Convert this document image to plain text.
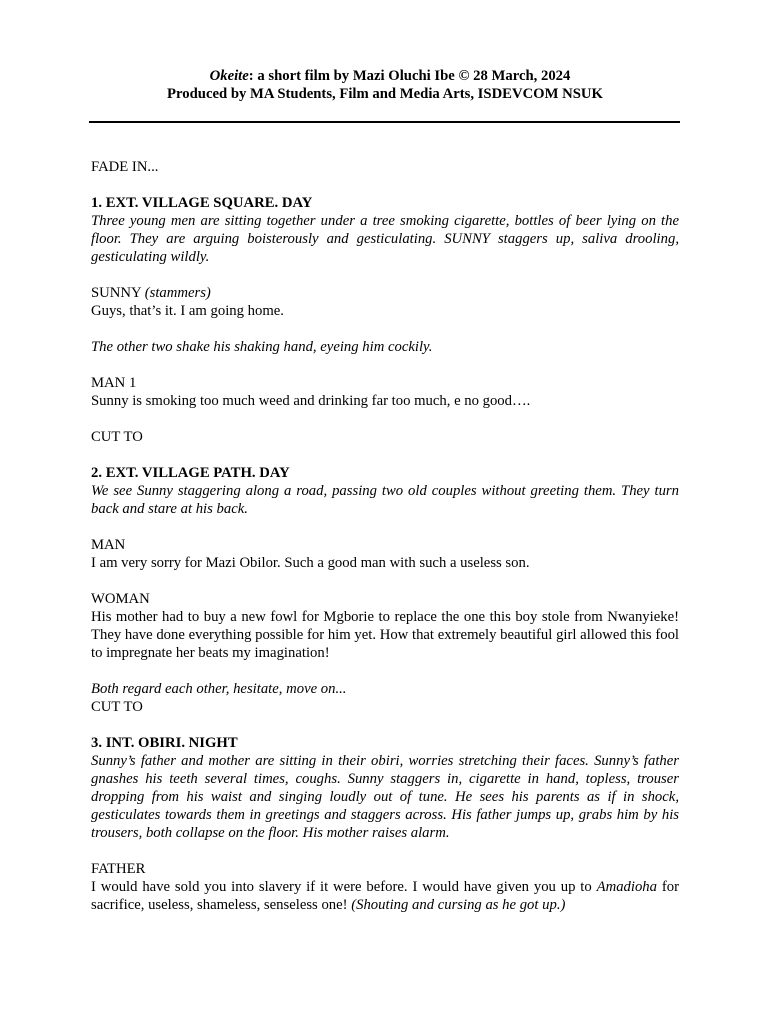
Okeite: a short film by Mazi Oluchi Ibe © 28 March, 2024
Produced by MA Students, Film and Media Arts, ISDEVCOM NSUK

FADE IN...

1. EXT. VILLAGE SQUARE. DAY

Three young men are sitting together under a tree smoking cigarette, bottles of beer lying on the floor. They are arguing boisterously and gesticulating. SUNNY staggers up, saliva drooling, gesticulating wildly.

SUNNY (stammers)

Guys, that’s it. I am going home.

The other two shake his shaking hand, eyeing him cockily.

MAN 1

Sunny is smoking too much weed and drinking far too much, e no good….

CUT TO

2. EXT. VILLAGE PATH. DAY

We see Sunny staggering along a road, passing two old couples without greeting them. They turn back and stare at his back.

MAN

I am very sorry for Mazi Obilor. Such a good man with such a useless son.

WOMAN

His mother had to buy a new fowl for Mgborie to replace the one this boy stole from Nwanyieke! They have done everything possible for him yet. How that extremely beautiful girl allowed this fool to impregnate her beats my imagination!

Both regard each other, hesitate, move on...

CUT TO

3. INT. OBIRI. NIGHT

Sunny’s father and mother are sitting in their obiri, worries stretching their faces. Sunny’s father gnashes his teeth several times, coughs. Sunny staggers in, cigarette in hand, topless, trouser dropping from his waist and singing loudly out of tune. He sees his parents as if in shock, gesticulates towards them in greetings and staggers across. His father jumps up, grabs him by his trousers, both collapse on the floor. His mother raises alarm.

FATHER

I would have sold you into slavery if it were before. I would have given you up to Amadioha for sacrifice, useless, shameless, senseless one! (Shouting and cursing as he got up.)
